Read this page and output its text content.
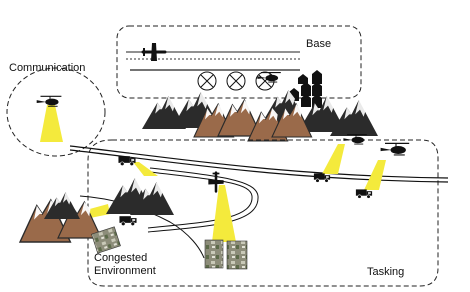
Base
Communication
Congested
Environment	Tasking
